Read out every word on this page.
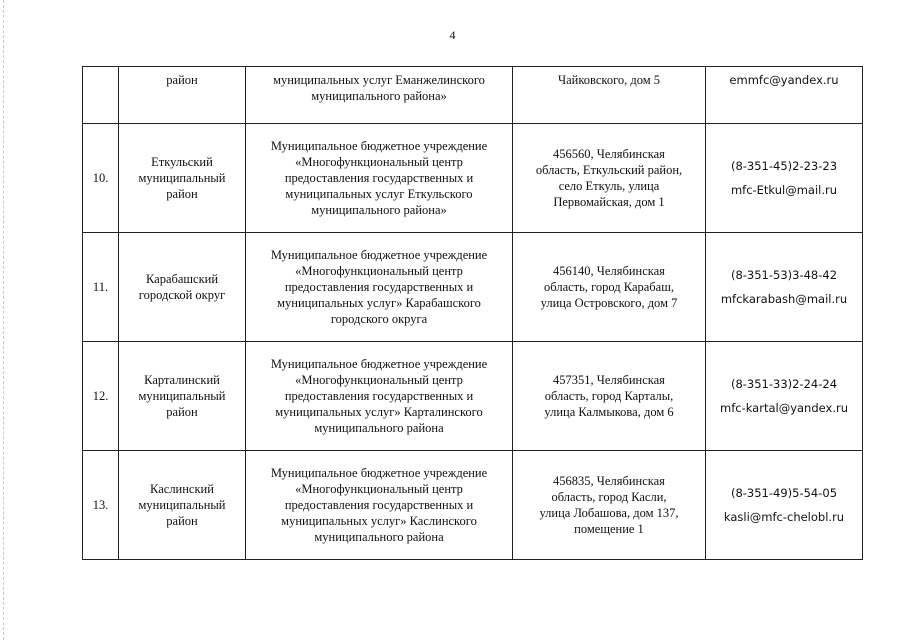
4

	район	муниципальных услуг Еманжелинского
муниципального района»	Чайковского, дом 5	emmfc@yandex.ru

10.	Еткульский
муниципальный
район	Муниципальное бюджетное учреждение
«Многофункциональный центр
предоставления государственных и
муниципальных услуг Еткульского
муниципального района»	456560, Челябинская
область, Еткульский район,
село Еткуль, улица
Первомайская, дом 1	(8-351-45)2-23-23
mfc-Etkul@mail.ru

11.	Карабашский
городской округ	Муниципальное бюджетное учреждение
«Многофункциональный центр
предоставления государственных и
муниципальных услуг» Карабашского
городского округа	456140, Челябинская
область, город Карабаш,
улица Островского, дом 7	(8-351-53)3-48-42
mfckarabash@mail.ru

12.	Карталинский
муниципальный
район	Муниципальное бюджетное учреждение
«Многофункциональный центр
предоставления государственных и
муниципальных услуг» Карталинского
муниципального района	457351, Челябинская
область, город Карталы,
улица Калмыкова, дом 6	(8-351-33)2-24-24
mfc-kartal@yandex.ru

13.	Каслинский
муниципальный
район	Муниципальное бюджетное учреждение
«Многофункциональный центр
предоставления государственных и
муниципальных услуг» Каслинского
муниципального района	456835, Челябинская
область, город Касли,
улица Лобашова, дом 137,
помещение 1	(8-351-49)5-54-05
kasli@mfc-chelobl.ru
